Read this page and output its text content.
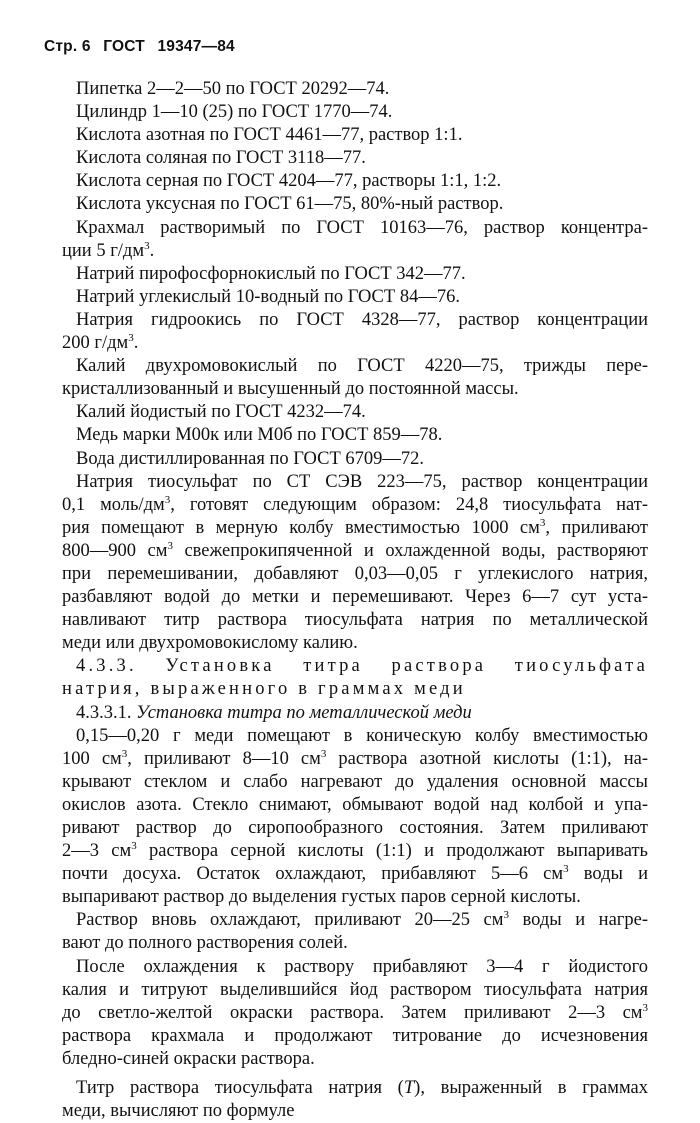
Стр. 6 ГОСТ 19347—84
Пипетка 2—2—50 по ГОСТ 20292—74.
Цилиндр 1—10 (25) по ГОСТ 1770—74.
Кислота азотная по ГОСТ 4461—77, раствор 1:1.
Кислота соляная по ГОСТ 3118—77.
Кислота серная по ГОСТ 4204—77, растворы 1:1, 1:2.
Кислота уксусная по ГОСТ 61—75, 80%-ный раствор.
Крахмал растворимый по ГОСТ 10163—76, раствор концентра-
ции 5 $г/дм^3$.
Натрий пирофосфорнокислый по ГОСТ 342—77.
Натрий углекислый 10-водный по ГОСТ 84—76.
Натрия гидроокись по ГОСТ 4328—77, раствор концентрации
200 $г/дм^3$.
Калий двухромовокислый по ГОСТ 4220—75, трижды пере-
кристаллизованный и высушенный до постоянной массы.
Калий йодистый по ГОСТ 4232—74.
Медь марки М00к или М0б по ГОСТ 859—78.
Вода дистиллированная по ГОСТ 6709—72.
Натрия тиосульфат по СТ СЭВ 223—75, раствор концентрации
0,1 моль/$дм^3$, готовят следующим образом: 24,8 тиосульфата нат-
рия помещают в мерную колбу вместимостью 1000 $см^3$, приливают
800—900 $см^3$ свежепрокипяченной и охлажденной воды, растворяют
при перемешивании, добавляют 0,03—0,05 г углекислого натрия,
разбавляют водой до метки и перемешивают. Через 6—7 сут уста-
навливают титр раствора тиосульфата натрия по металлической
меди или двухромовокислому калию.
4.3.3. Установка титра раствора тиосульфата
натрия, выраженного в граммах меди
4.3.3.1. Установка титра по металлической меди
0,15—0,20 г меди помещают в коническую колбу вместимостью
100 $см^3$, приливают 8—10 $см^3$ раствора азотной кислоты (1:1), на-
крывают стеклом и слабо нагревают до удаления основной массы
окислов азота. Стекло снимают, обмывают водой над колбой и упа-
ривают раствор до сиропообразного состояния. Затем приливают
2—3 $см^3$ раствора серной кислоты (1:1) и продолжают выпаривать
почти досуха. Остаток охлаждают, прибавляют 5—6 $см^3$ воды и
выпаривают раствор до выделения густых паров серной кислоты.
Раствор вновь охлаждают, приливают 20—25 $см^3$ воды и нагре-
вают до полного растворения солей.
После охлаждения к раствору прибавляют 3—4 г йодистого
калия и титруют выделившийся йод раствором тиосульфата натрия
до светло-желтой окраски раствора. Затем приливают 2—3 $см^3$
раствора крахмала и продолжают титрование до исчезновения
бледно-синей окраски раствора.
Титр раствора тиосульфата натрия (T), выраженный в граммах
меди, вычисляют по формуле
